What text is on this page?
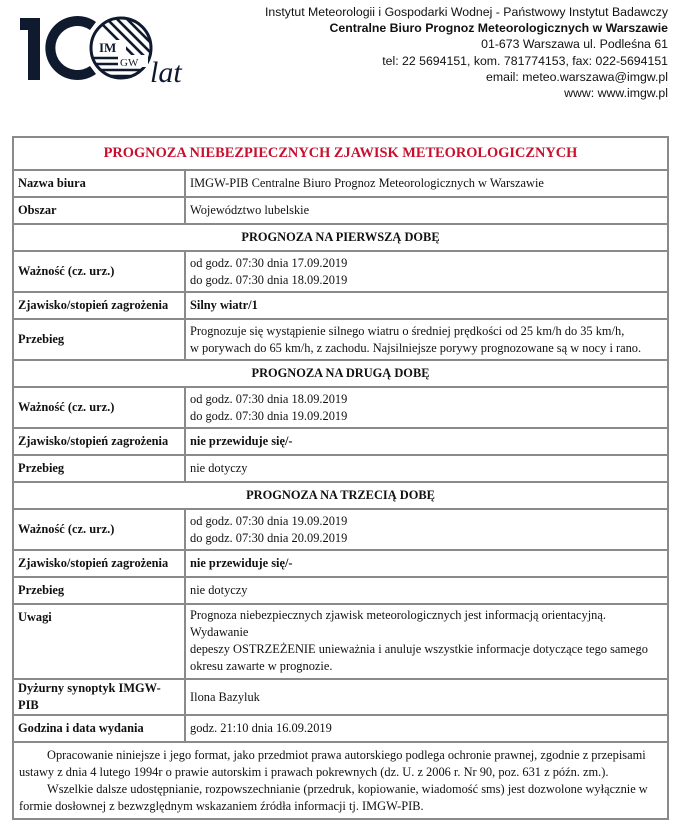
IM
GW lat
Instytut Meteorologii i Gospodarki Wodnej - Państwowy Instytut Badawczy
Centralne Biuro Prognoz Meteorologicznych w Warszawie
01-673 Warszawa ul. Podleśna 61
tel: 22 5694151, kom. 781774153, fax: 022-5694151
email: meteo.warszawa@imgw.pl
www: www.imgw.pl
PROGNOZA NIEBEZPIECZNYCH ZJAWISK METEOROLOGICZNYCH	
Nazwa biura	IMGW-PIB Centralne Biuro Prognoz Meteorologicznych w Warszawie
Obszar	Województwo lubelskie
PROGNOZA NA PIERWSZĄ DOBĘ	
Ważność (cz. urz.)	od godz. 07:30 dnia 17.09.2019
do godz. 07:30 dnia 18.09.2019

Zjawisko/stopień zagrożenia	Silny wiatr/1
Przebieg	Prognozuje się wystąpienie silnego wiatru o średniej prędkości od 25 km/h do 35 km/h,
w porywach do 65 km/h, z zachodu. Najsilniejsze porywy prognozowane są w nocy i rano.

PROGNOZA NA DRUGĄ DOBĘ	
Ważność (cz. urz.)	od godz. 07:30 dnia 18.09.2019
do godz. 07:30 dnia 19.09.2019

Zjawisko/stopień zagrożenia	nie przewiduje się/-
Przebieg	nie dotyczy
PROGNOZA NA TRZECIĄ DOBĘ	
Ważność (cz. urz.)	od godz. 07:30 dnia 19.09.2019
do godz. 07:30 dnia 20.09.2019

Zjawisko/stopień zagrożenia	nie przewiduje się/-
Przebieg	nie dotyczy
Uwagi	Prognoza niebezpiecznych zjawisk meteorologicznych jest informacją orientacyjną. Wydawanie
depeszy OSTRZEŻENIE unieważnia i anuluje wszystkie informacje dotyczące tego samego
okresu zawarte w prognozie.

Dyżurny synoptyk IMGW-PIB	Ilona Bazyluk
Godzina i data wydania	godz. 21:10 dnia 16.09.2019

Opracowanie niniejsze i jego format, jako przedmiot prawa autorskiego podlega ochronie prawnej, zgodnie z przepisami ustawy z dnia 4 lutego 1994r o prawie autorskim i prawach pokrewnych (dz. U. z 2006 r. Nr 90, poz. 631 z późn. zm.).

Wszelkie dalsze udostępnianie, rozpowszechnianie (przedruk, kopiowanie, wiadomość sms) jest dozwolone wyłącznie w formie dosłownej z bezwzględnym wskazaniem źródła informacji tj. IMGW-PIB.	
